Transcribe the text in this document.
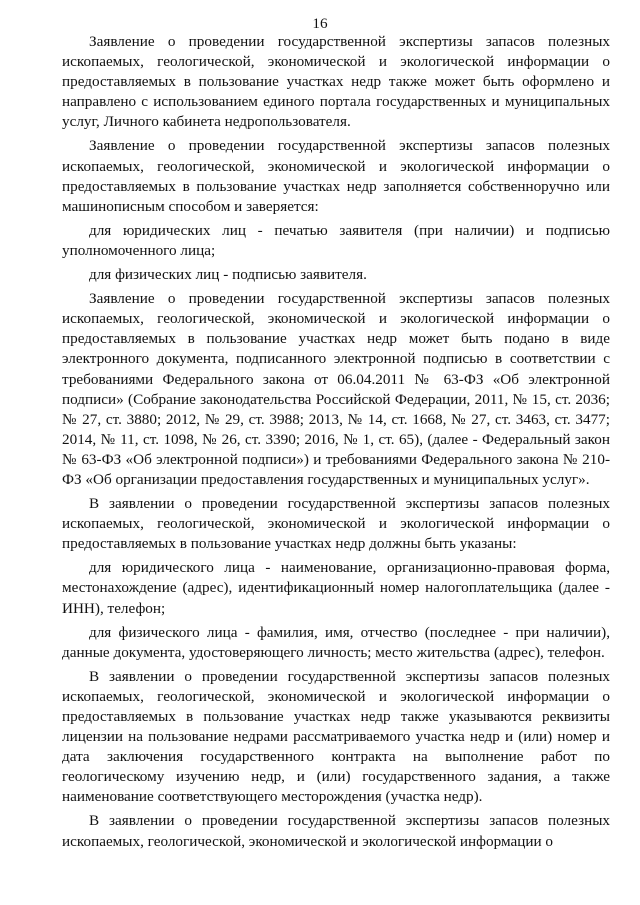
16

Заявление о проведении государственной экспертизы запасов полезных ископаемых, геологической, экономической и экологической информации о предоставляемых в пользование участках недр также может быть оформлено и направлено с использованием единого портала государственных и муниципальных услуг, Личного кабинета недропользователя.

Заявление о проведении государственной экспертизы запасов полезных ископаемых, геологической, экономической и экологической информации о предоставляемых в пользование участках недр заполняется собственноручно или машинописным способом и заверяется:

для юридических лиц - печатью заявителя (при наличии) и подписью уполномоченного лица;

для физических лиц - подписью заявителя.

Заявление о проведении государственной экспертизы запасов полезных ископаемых, геологической, экономической и экологической информации о предоставляемых в пользование участках недр может быть подано в виде электронного документа, подписанного электронной подписью в соответствии с требованиями Федерального закона от 06.04.2011 № 63-ФЗ «Об электронной подписи» (Собрание законодательства Российской Федерации, 2011, № 15, ст. 2036; № 27, ст. 3880; 2012, № 29, ст. 3988; 2013, № 14, ст. 1668, № 27, ст. 3463, ст. 3477; 2014, № 11, ст. 1098, № 26, ст. 3390; 2016, № 1, ст. 65), (далее - Федеральный закон № 63-ФЗ «Об электронной подписи») и требованиями Федерального закона № 210-ФЗ «Об организации предоставления государственных и муниципальных услуг».

В заявлении о проведении государственной экспертизы запасов полезных ископаемых, геологической, экономической и экологической информации о предоставляемых в пользование участках недр должны быть указаны:

для юридического лица - наименование, организационно-правовая форма, местонахождение (адрес), идентификационный номер налогоплательщика (далее - ИНН), телефон;

для физического лица - фамилия, имя, отчество (последнее - при наличии), данные документа, удостоверяющего личность; место жительства (адрес), телефон.

В заявлении о проведении государственной экспертизы запасов полезных ископаемых, геологической, экономической и экологической информации о предоставляемых в пользование участках недр также указываются реквизиты лицензии на пользование недрами рассматриваемого участка недр и (или) номер и дата заключения государственного контракта на выполнение работ по геологическому изучению недр, и (или) государственного задания, а также наименование соответствующего месторождения (участка недр).

В заявлении о проведении государственной экспертизы запасов полезных ископаемых, геологической, экономической и экологической информации о
